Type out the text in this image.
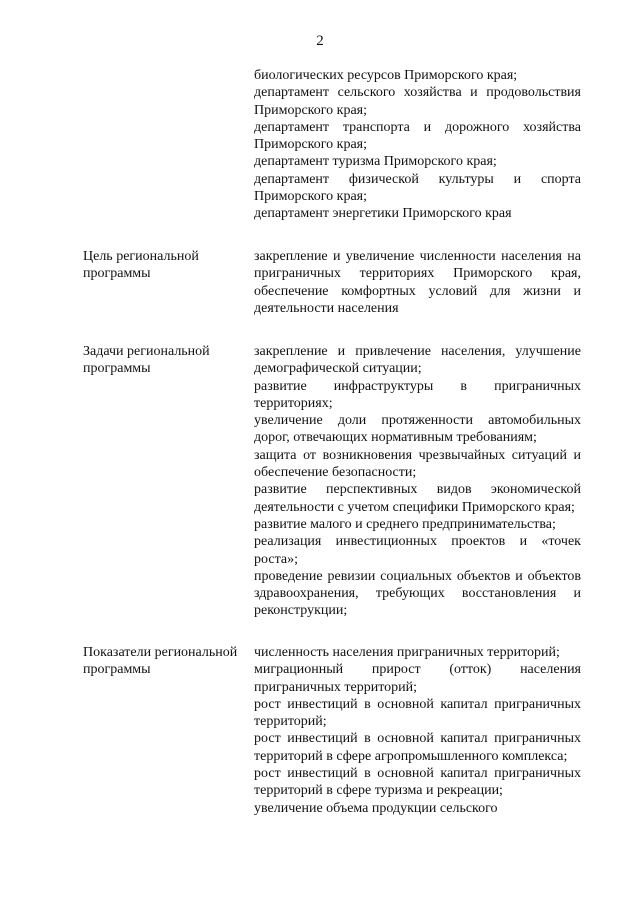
2
биологических ресурсов Приморского края;
департамент сельского хозяйства и продовольствия Приморского края;
департамент транспорта и дорожного хозяйства Приморского края;
департамент туризма Приморского края;
департамент физической культуры и спорта Приморского края;
департамент энергетики Приморского края
Цель региональной программы
закрепление и увеличение численности населения на приграничных территориях Приморского края, обеспечение комфортных условий для жизни и деятельности населения
Задачи региональной программы
закрепление и привлечение населения, улучшение демографической ситуации;
развитие инфраструктуры в приграничных территориях;
увеличение доли протяженности автомобильных дорог, отвечающих нормативным требованиям;
защита от возникновения чрезвычайных ситуаций и обеспечение безопасности;
развитие перспективных видов экономической деятельности с учетом специфики Приморского края;
развитие малого и среднего предпринимательства;
реализация инвестиционных проектов и «точек роста»;
проведение ревизии социальных объектов и объектов здравоохранения, требующих восстановления и реконструкции;
Показатели региональной программы
численность населения приграничных территорий;
миграционный прирост (отток) населения приграничных территорий;
рост инвестиций в основной капитал приграничных территорий;
рост инвестиций в основной капитал приграничных территорий в сфере агропромышленного комплекса;
рост инвестиций в основной капитал приграничных территорий в сфере туризма и рекреации;
увеличение объема продукции сельского
